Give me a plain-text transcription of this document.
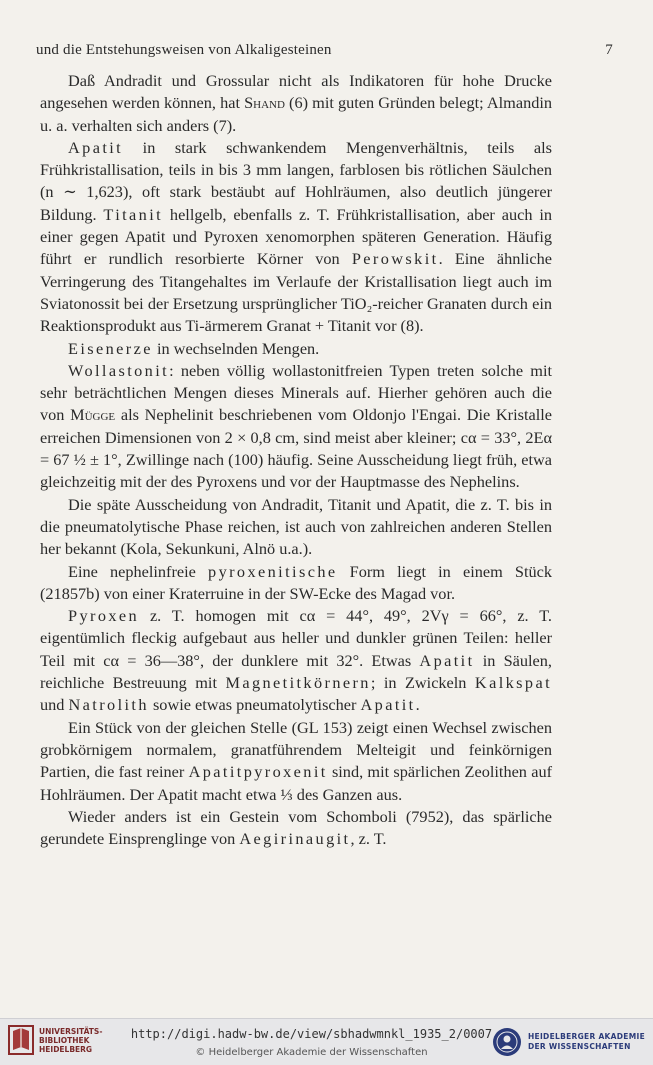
und die Entstehungsweisen von Alkaligesteinen	7

Daß Andradit und Grossular nicht als Indikatoren für hohe Drucke angesehen werden können, hat Shand (6) mit guten Gründen belegt; Almandin u. a. verhalten sich anders (7).

Apatit in stark schwankendem Mengenverhältnis, teils als Frühkristallisation, teils in bis 3 mm langen, farblosen bis rötlichen Säulchen (n ∼ 1,623), oft stark bestäubt auf Hohlräumen, also deutlich jüngerer Bildung. Titanit hellgelb, ebenfalls z. T. Frühkristallisation, aber auch in einer gegen Apatit und Pyroxen xenomorphen späteren Generation. Häufig führt er rundlich resorbierte Körner von Perowskit. Eine ähnliche Verringerung des Titangehaltes im Verlaufe der Kristallisation liegt auch im Sviatonossit bei der Ersetzung ursprünglicher TiO₂-reicher Granaten durch ein Reaktionsprodukt aus Ti-ärmerem Granat + Titanit vor (8).

Eisenerze in wechselnden Mengen.

Wollastonit: neben völlig wollastonitfreien Typen treten solche mit sehr beträchtlichen Mengen dieses Minerals auf. Hierher gehören auch die von Mügge als Nephelinit beschriebenen vom Oldonjo l'Engai. Die Kristalle erreichen Dimensionen von 2 × 0,8 cm, sind meist aber kleiner; cα = 33°, 2Eα = 67 ½ ± 1°, Zwillinge nach (100) häufig. Seine Ausscheidung liegt früh, etwa gleichzeitig mit der des Pyroxens und vor der Hauptmasse des Nephelins.

Die späte Ausscheidung von Andradit, Titanit und Apatit, die z. T. bis in die pneumatolytische Phase reichen, ist auch von zahlreichen anderen Stellen her bekannt (Kola, Sekunkuni, Alnö u.a.).

Eine nephelinfreie pyroxenitische Form liegt in einem Stück (21857b) von einer Kraterruine in der SW-Ecke des Magad vor.

Pyroxen z. T. homogen mit cα = 44°, 49°, 2Vγ = 66°, z. T. eigentümlich fleckig aufgebaut aus heller und dunkler grünen Teilen: heller Teil mit cα = 36—38°, der dunklere mit 32°. Etwas Apatit in Säulen, reichliche Bestreuung mit Magnetitkörnern; in Zwickeln Kalkspat und Natrolith sowie etwas pneumatolytischer Apatit.

Ein Stück von der gleichen Stelle (GL 153) zeigt einen Wechsel zwischen grobkörnigem normalem, granatführendem Melteigit und feinkörnigen Partien, die fast reiner Apatitpyroxenit sind, mit spärlichen Zeolithen auf Hohlräumen. Der Apatit macht etwa ⅓ des Ganzen aus.

Wieder anders ist ein Gestein vom Schomboli (7952), das spärliche gerundete Einsprenglinge von Aegirinaugit, z. T.

UNIVERSITÄTS-
BIBLIOTHEK
HEIDELBERG
http://digi.hadw-bw.de/view/sbhadwmnkl_1935_2/0007
© Heidelberger Akademie der Wissenschaften
HEIDELBERGER AKADEMIE
DER WISSENSCHAFTEN
